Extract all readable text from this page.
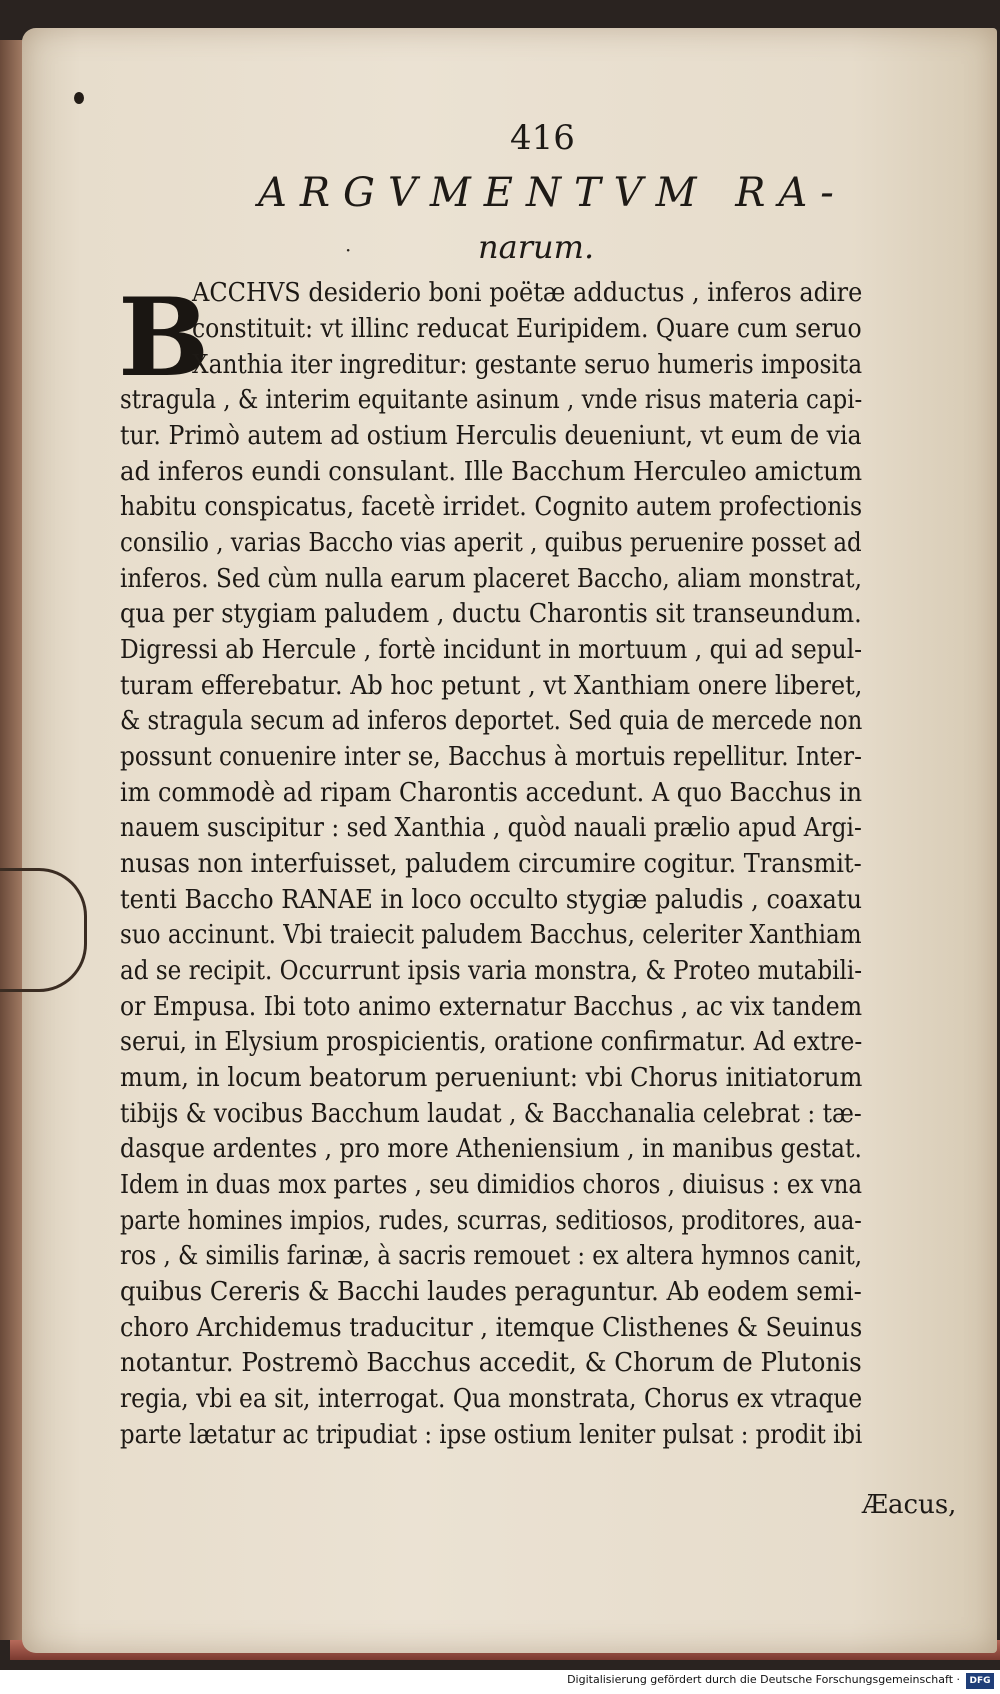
416
ARGVMENTVM RA-
·	narum.
B
ACCHVS desiderio boni poëtæ adductus , inferos adire
constituit: vt illinc reducat Euripidem. Quare cum seruo
Xanthia iter ingreditur: gestante seruo humeris imposita
stragula , & interim equitante asinum , vnde risus materia capi-
tur. Primò autem ad ostium Herculis deueniunt, vt eum de via
ad inferos eundi consulant. Ille Bacchum Herculeo amictum
habitu conspicatus, facetè irridet. Cognito autem profectionis
consilio , varias Baccho vias aperit , quibus peruenire posset ad
inferos. Sed cùm nulla earum placeret Baccho, aliam monstrat,
qua per stygiam paludem , ductu Charontis sit transeundum.
Digressi ab Hercule , fortè incidunt in mortuum , qui ad sepul-
turam efferebatur. Ab hoc petunt , vt Xanthiam onere liberet,
& stragula secum ad inferos deportet. Sed quia de mercede non
possunt conuenire inter se, Bacchus à mortuis repellitur. Inter-
im commodè ad ripam Charontis accedunt. A quo Bacchus in
nauem suscipitur : sed Xanthia , quòd nauali prælio apud Argi-
nusas non interfuisset, paludem circumire cogitur. Transmit-
tenti Baccho RANAE in loco occulto stygiæ paludis , coaxatu
suo accinunt. Vbi traiecit paludem Bacchus, celeriter Xanthiam
ad se recipit. Occurrunt ipsis varia monstra, & Proteo mutabili-
or Empusa. Ibi toto animo externatur Bacchus , ac vix tandem
serui, in Elysium prospicientis, oratione confirmatur. Ad extre-
mum, in locum beatorum perueniunt: vbi Chorus initiatorum
tibijs & vocibus Bacchum laudat , & Bacchanalia celebrat : tæ-
dasque ardentes , pro more Atheniensium , in manibus gestat.
Idem in duas mox partes , seu dimidios choros , diuisus : ex vna
parte homines impios, rudes, scurras, seditiosos, proditores, aua-
ros , & similis farinæ, à sacris remouet : ex altera hymnos canit,
quibus Cereris & Bacchi laudes peraguntur. Ab eodem semi-
choro Archidemus traducitur , itemque Clisthenes & Seuinus
notantur. Postremò Bacchus accedit, & Chorum de Plutonis
regia, vbi ea sit, interrogat. Qua monstrata, Chorus ex vtraque
parte lætatur ac tripudiat : ipse ostium leniter pulsat : prodit ibi
Æacus,
Digitalisierung gefördert durch die Deutsche Forschungsgemeinschaft ·	DFG
